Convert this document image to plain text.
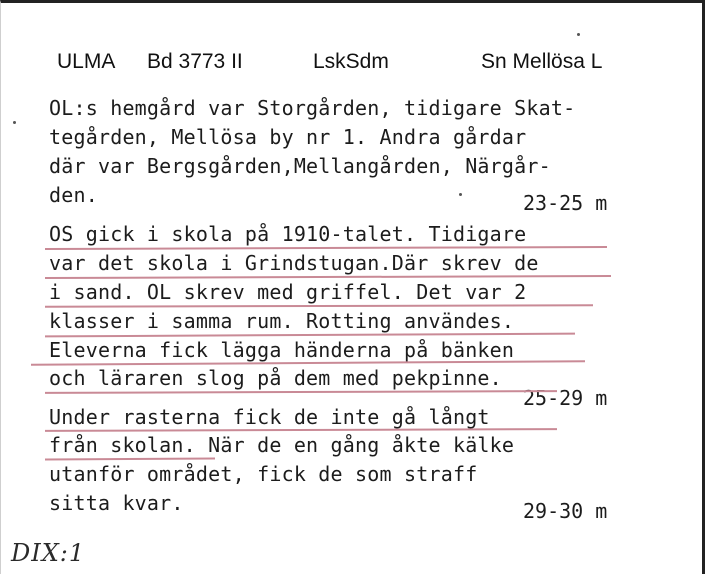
ULMA Bd 3773 II	LskSdm	Sn Mellösa L
OL:s hemgård var Storgården, tidigare Skat-
tegården, Mellösa by nr 1. Andra gårdar
där var Bergsgården,Mellangården, Närgår-
den.	23-25 m
OS gick i skola på 1910-talet. Tidigare
var det skola i Grindstugan.Där skrev de
i sand. OL skrev med griffel. Det var 2
klasser i samma rum. Rotting användes.
Eleverna fick lägga händerna på bänken
och läraren slog på dem med pekpinne.
25-29 m
Under rasterna fick de inte gå långt
från skolan. När de en gång åkte kälke
utanför området, fick de som straff
sitta kvar.	29-30 m
DIX:1
